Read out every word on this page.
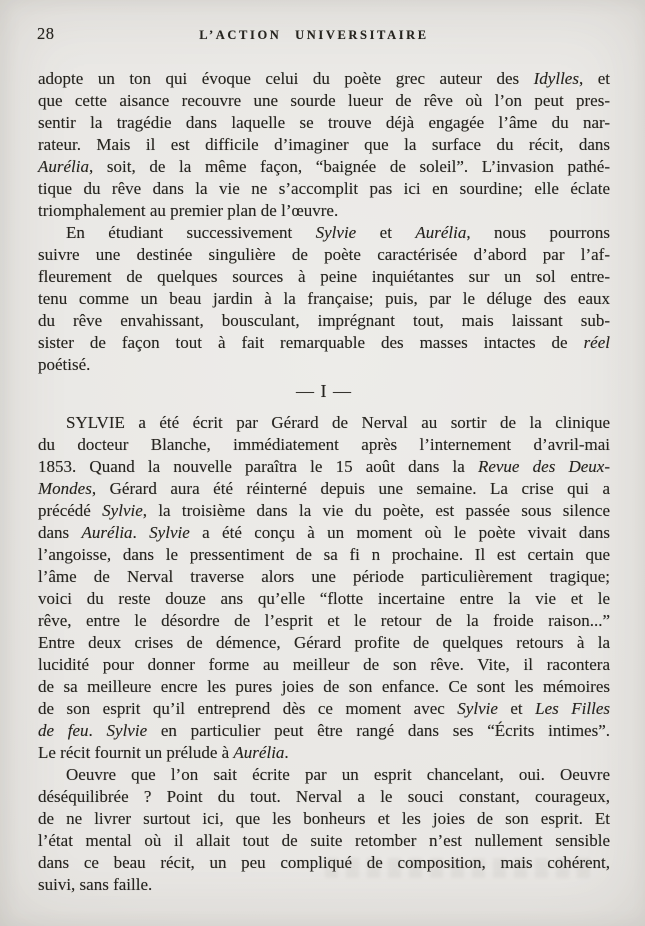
28	L’ACTION UNIVERSITAIRE

adopte un ton qui évoque celui du poète grec auteur des Idylles, et
que cette aisance recouvre une sourde lueur de rêve où l’on peut pres-
sentir la tragédie dans laquelle se trouve déjà engagée l’âme du nar-
rateur. Mais il est difficile d’imaginer que la surface du récit, dans
Aurélia, soit, de la même façon, “baignée de soleil”. L’invasion pathé-
tique du rêve dans la vie ne s’accomplit pas ici en sourdine; elle éclate
triomphalement au premier plan de l’œuvre.

En étudiant successivement Sylvie et Aurélia, nous pourrons
suivre une destinée singulière de poète caractérisée d’abord par l’af-
fleurement de quelques sources à peine inquiétantes sur un sol entre-
tenu comme un beau jardin à la française; puis, par le déluge des eaux
du rêve envahissant, bousculant, imprégnant tout, mais laissant sub-
sister de façon tout à fait remarquable des masses intactes de réel
poétisé.

— I —

SYLVIE a été écrit par Gérard de Nerval au sortir de la clinique
du docteur Blanche, immédiatement après l’internement d’avril-mai
1853. Quand la nouvelle paraîtra le 15 août dans la Revue des Deux-
Mondes, Gérard aura été réinterné depuis une semaine. La crise qui a
précédé Sylvie, la troisième dans la vie du poète, est passée sous silence
dans Aurélia. Sylvie a été conçu à un moment où le poète vivait dans
l’angoisse, dans le pressentiment de sa fi n prochaine. Il est certain que
l’âme de Nerval traverse alors une période particulièrement tragique;
voici du reste douze ans qu’elle “flotte incertaine entre la vie et le
rêve, entre le désordre de l’esprit et le retour de la froide raison...”
Entre deux crises de démence, Gérard profite de quelques retours à la
lucidité pour donner forme au meilleur de son rêve. Vite, il racontera
de sa meilleure encre les pures joies de son enfance. Ce sont les mémoires
de son esprit qu’il entreprend dès ce moment avec Sylvie et Les Filles
de feu. Sylvie en particulier peut être rangé dans ses “Écrits intimes”.
Le récit fournit un prélude à Aurélia.

Oeuvre que l’on sait écrite par un esprit chancelant, oui. Oeuvre
déséquilibrée ? Point du tout. Nerval a le souci constant, courageux,
de ne livrer surtout ici, que les bonheurs et les joies de son esprit. Et
l’état mental où il allait tout de suite retomber n’est nullement sensible
dans ce beau récit, un peu compliqué de composition, mais cohérent,
suivi, sans faille.
